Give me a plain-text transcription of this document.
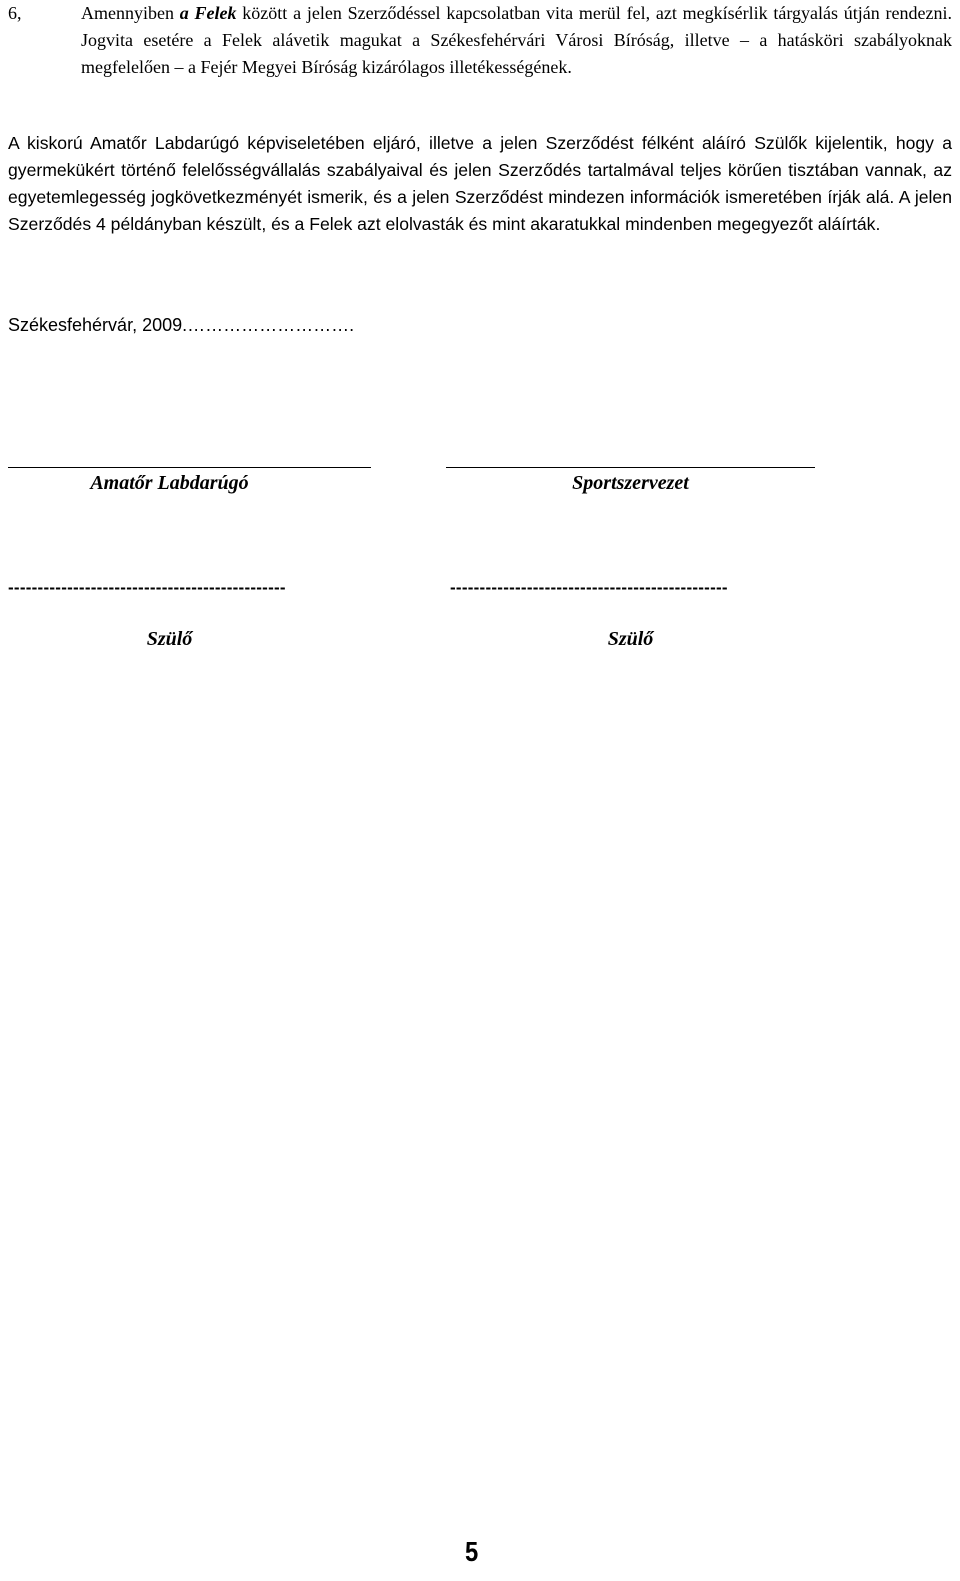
6,	Amennyiben a Felek között a jelen Szerződéssel kapcsolatban vita merül fel, azt megkísérlik tárgyalás útján rendezni. Jogvita esetére a Felek alávetik magukat a Székesfehérvári Városi Bíróság, illetve – a hatásköri szabályoknak megfelelően – a Fejér Megyei Bíróság kizárólagos illetékességének.
A kiskorú Amatőr Labdarúgó képviseletében eljáró, illetve a jelen Szerződést félként aláíró Szülők kijelentik, hogy a gyermekükért történő felelősségvállalás szabályaival és jelen Szerződés tartalmával teljes körűen tisztában vannak, az egyetemlegesség jogkövetkezményét ismerik, és a jelen Szerződést mindezen információk ismeretében írják alá. A jelen Szerződés 4 példányban készült, és a Felek azt elolvasták és mint akaratukkal mindenben megegyezőt aláírták.
Székesfehérvár, 2009.……………………….
Amatőr Labdarúgó	Sportszervezet
-----------------------------------------------	-----------------------------------------------
Szülő	Szülő
5
